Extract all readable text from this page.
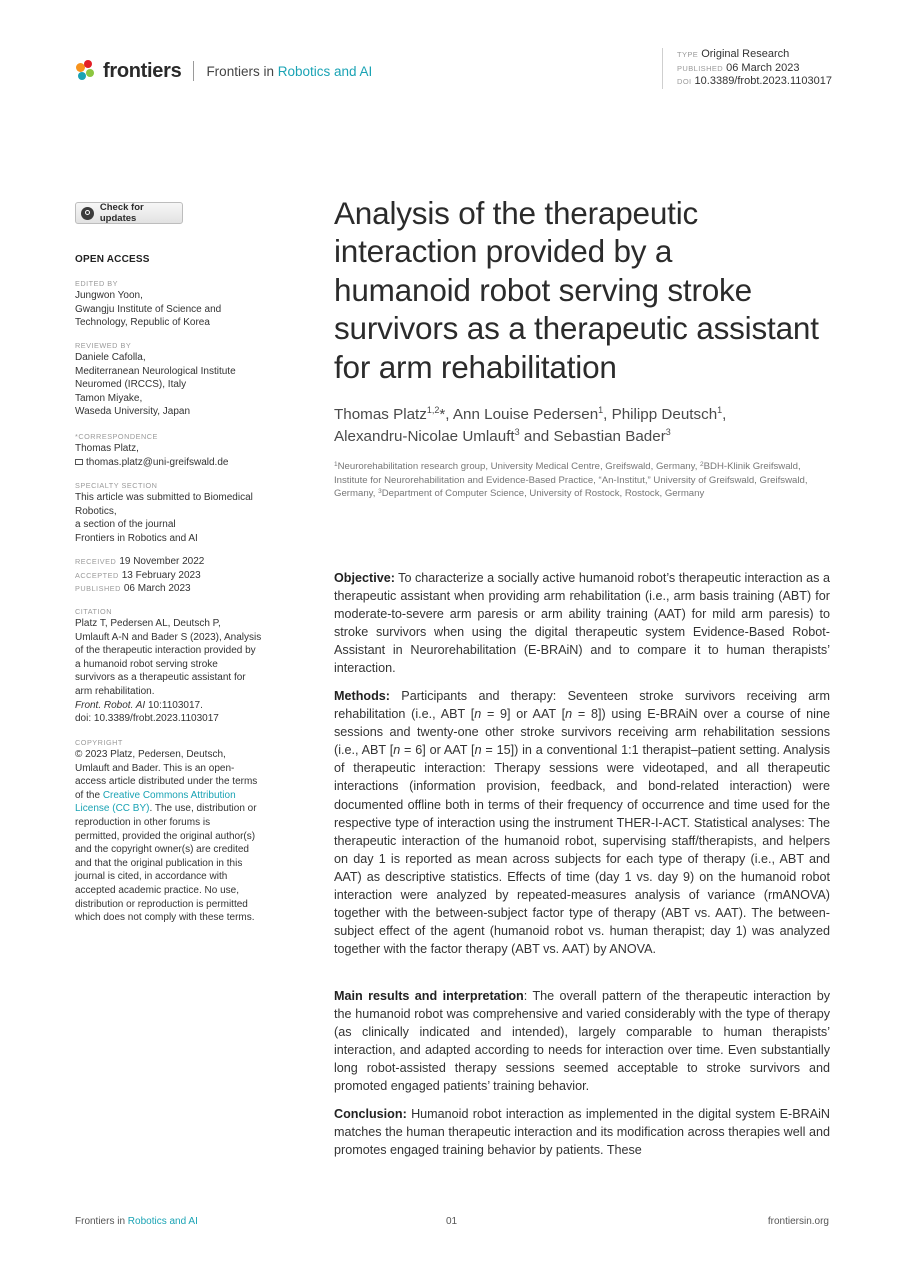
frontiers Frontiers in Robotics and AI
TYPE Original Research
PUBLISHED 06 March 2023
DOI 10.3389/frobt.2023.1103017
Check for updates
OPEN ACCESS
EDITED BY
Jungwon Yoon,
Gwangju Institute of Science and
Technology, Republic of Korea
REVIEWED BY
Daniele Cafolla,
Mediterranean Neurological Institute
Neuromed (IRCCS), Italy
Tamon Miyake,
Waseda University, Japan
*CORRESPONDENCE
Thomas Platz,
thomas.platz@uni-greifswald.de
SPECIALTY SECTION
This article was submitted to Biomedical
Robotics,
a section of the journal
Frontiers in Robotics and AI
RECEIVED 19 November 2022
ACCEPTED 13 February 2023
PUBLISHED 06 March 2023
CITATION
Platz T, Pedersen AL, Deutsch P,
Umlauft A-N and Bader S (2023), Analysis
of the therapeutic interaction provided by
a humanoid robot serving stroke
survivors as a therapeutic assistant for
arm rehabilitation.
Front. Robot. AI 10:1103017.
doi: 10.3389/frobt.2023.1103017
COPYRIGHT
© 2023 Platz, Pedersen, Deutsch,
Umlauft and Bader. This is an open-
access article distributed under the terms
of the Creative Commons Attribution
License (CC BY). The use, distribution or
reproduction in other forums is
permitted, provided the original author(s)
and the copyright owner(s) are credited
and that the original publication in this
journal is cited, in accordance with
accepted academic practice. No use,
distribution or reproduction is permitted
which does not comply with these terms.
Analysis of the therapeutic
interaction provided by a
humanoid robot serving stroke
survivors as a therapeutic assistant
for arm rehabilitation
Thomas Platz$^{1,2}$*, Ann Louise Pedersen$^1$, Philipp Deutsch$^1$,
Alexandru-Nicolae Umlauft$^3$ and Sebastian Bader$^3$
$^1$Neurorehabilitation research group, University Medical Centre, Greifswald, Germany, $^2$BDH-Klinik Greifswald, Institute for Neurorehabilitation and Evidence-Based Practice, “An-Institut,” University of Greifswald, Greifswald, Germany, $^3$Department of Computer Science, University of Rostock, Rostock, Germany
Objective: To characterize a socially active humanoid robot’s therapeutic interaction as a therapeutic assistant when providing arm rehabilitation (i.e., arm basis training (ABT) for moderate-to-severe arm paresis or arm ability training (AAT) for mild arm paresis) to stroke survivors when using the digital therapeutic system Evidence-Based Robot-Assistant in Neurorehabilitation (E-BRAiN) and to compare it to human therapists’ interaction.
Methods: Participants and therapy: Seventeen stroke survivors receiving arm rehabilitation (i.e., ABT [n = 9] or AAT [n = 8]) using E-BRAiN over a course of nine sessions and twenty-one other stroke survivors receiving arm rehabilitation sessions (i.e., ABT [n = 6] or AAT [n = 15]) in a conventional 1:1 therapist–patient setting. Analysis of therapeutic interaction: Therapy sessions were videotaped, and all therapeutic interactions (information provision, feedback, and bond-related interaction) were documented offline both in terms of their frequency of occurrence and time used for the respective type of interaction using the instrument THER-I-ACT. Statistical analyses: The therapeutic interaction of the humanoid robot, supervising staff/therapists, and helpers on day 1 is reported as mean across subjects for each type of therapy (i.e., ABT and AAT) as descriptive statistics. Effects of time (day 1 vs. day 9) on the humanoid robot interaction were analyzed by repeated-measures analysis of variance (rmANOVA) together with the between-subject factor type of therapy (ABT vs. AAT). The between-subject effect of the agent (humanoid robot vs. human therapist; day 1) was analyzed together with the factor therapy (ABT vs. AAT) by ANOVA.
Main results and interpretation: The overall pattern of the therapeutic interaction by the humanoid robot was comprehensive and varied considerably with the type of therapy (as clinically indicated and intended), largely comparable to human therapists’ interaction, and adapted according to needs for interaction over time. Even substantially long robot-assisted therapy sessions seemed acceptable to stroke survivors and promoted engaged patients’ training behavior.
Conclusion: Humanoid robot interaction as implemented in the digital system E-BRAiN matches the human therapeutic interaction and its modification across therapies well and promotes engaged training behavior by patients. These
Frontiers in Robotics and AI	01	frontiersin.org
